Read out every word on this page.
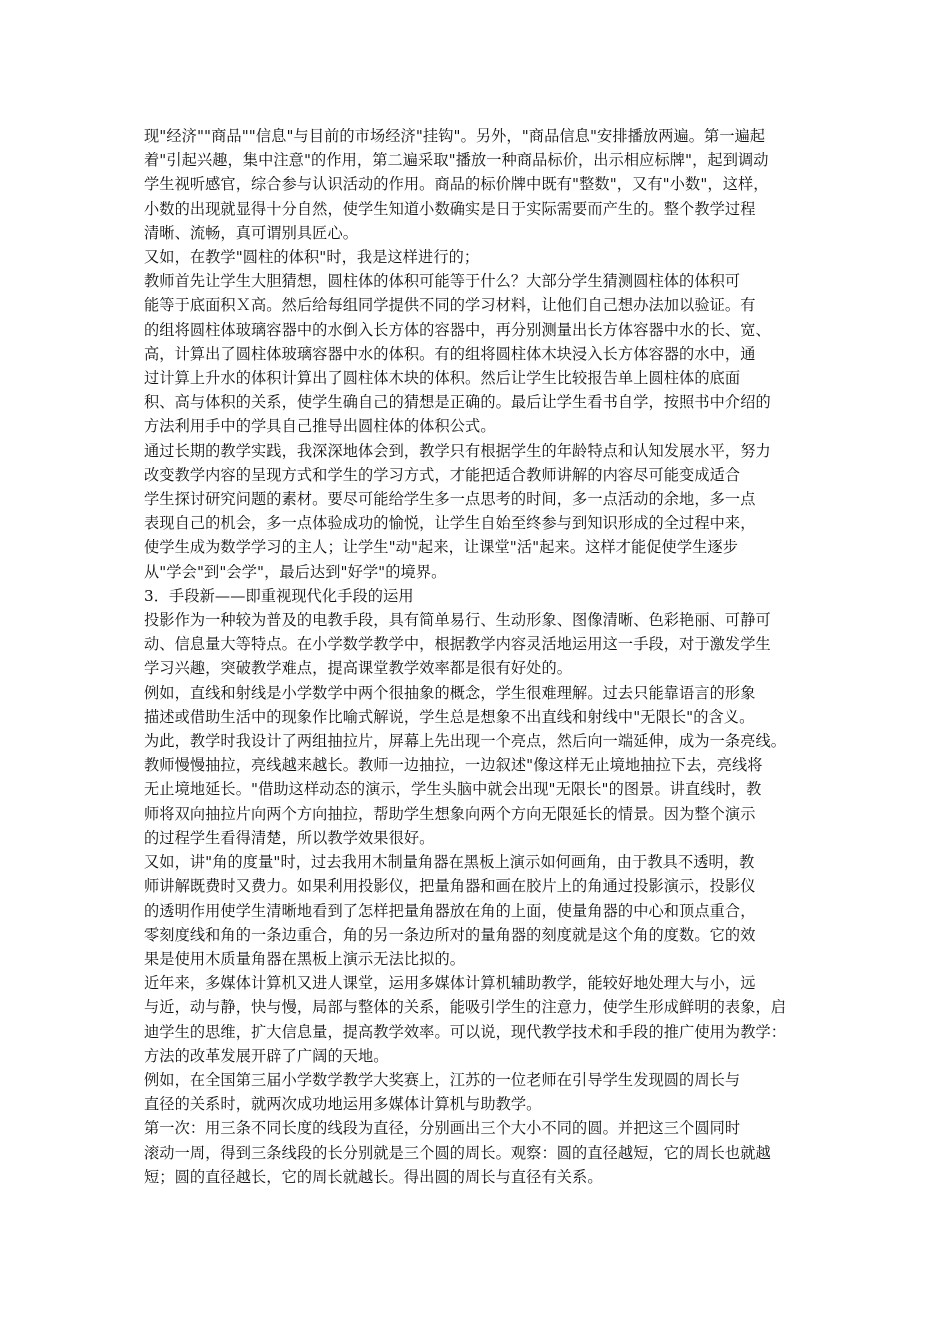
现"经济""商品""信息"与目前的市场经济"挂钩"。另外，"商品信息"安排播放两遍。第一遍起
着"引起兴趣，集中注意"的作用，第二遍采取"播放一种商品标价，出示相应标牌"，起到调动
学生视听感官，综合参与认识活动的作用。商品的标价牌中既有"整数"，又有"小数"，这样，
小数的出现就显得十分自然，使学生知道小数确实是日于实际需要而产生的。整个教学过程
清晰、流畅，真可谓别具匠心。
又如，在教学"圆柱的体积"时，我是这样进行的；
教师首先让学生大胆猜想，圆柱体的体积可能等于什么？大部分学生猜测圆柱体的体积可
能等于底面积Ｘ高。然后给每组同学提供不同的学习材料，让他们自己想办法加以验证。有
的组将圆柱体玻璃容器中的水倒入长方体的容器中，再分别测量出长方体容器中水的长、宽、
高，计算出了圆柱体玻璃容器中水的体积。有的组将圆柱体木块浸入长方体容器的水中，通
过计算上升水的体积计算出了圆柱体木块的体积。然后让学生比较报告单上圆柱体的底面
积、高与体积的关系，使学生确自己的猜想是正确的。最后让学生看书自学，按照书中介绍的
方法利用手中的学具自己推导出圆柱体的体积公式。
通过长期的教学实践，我深深地体会到，教学只有根据学生的年龄特点和认知发展水平，努力
改变教学内容的呈现方式和学生的学习方式，才能把适合教师讲解的内容尽可能变成适合
学生探讨研究问题的素材。要尽可能给学生多一点思考的时间，多一点活动的余地，多一点
表现自己的机会，多一点体验成功的愉悦，让学生自始至终参与到知识形成的全过程中来，
使学生成为数学学习的主人；让学生"动"起来，让课堂"活"起来。这样才能促使学生逐步
从"学会"到"会学"，最后达到"好学"的境界。
3．手段新——即重视现代化手段的运用
投影作为一种较为普及的电教手段，具有简单易行、生动形象、图像清晰、色彩艳丽、可静可
动、信息量大等特点。在小学数学教学中，根据教学内容灵活地运用这一手段，对于激发学生
学习兴趣，突破教学难点，提高课堂教学效率都是很有好处的。
例如，直线和射线是小学数学中两个很抽象的概念，学生很难理解。过去只能靠语言的形象
描述或借助生活中的现象作比喻式解说，学生总是想象不出直线和射线中"无限长"的含义。
为此，教学时我设计了两组抽拉片，屏幕上先出现一个亮点，然后向一端延伸，成为一条亮线。
教师慢慢抽拉，亮线越来越长。教师一边抽拉，一边叙述"像这样无止境地抽拉下去，亮线将
无止境地延长。"借助这样动态的演示，学生头脑中就会出现"无限长"的图景。讲直线时，教
师将双向抽拉片向两个方向抽拉，帮助学生想象向两个方向无限延长的情景。因为整个演示
的过程学生看得清楚，所以教学效果很好。
又如，讲"角的度量"时，过去我用木制量角器在黑板上演示如何画角，由于教具不透明，教
师讲解既费时又费力。如果利用投影仪，把量角器和画在胶片上的角通过投影演示，投影仪
的透明作用使学生清晰地看到了怎样把量角器放在角的上面，使量角器的中心和顶点重合，
零刻度线和角的一条边重合，角的另一条边所对的量角器的刻度就是这个角的度数。它的效
果是使用木质量角器在黑板上演示无法比拟的。
近年来，多媒体计算机又进人课堂，运用多媒体计算机辅助教学，能较好地处理大与小，远
与近，动与静，快与慢，局部与整体的关系，能吸引学生的注意力，使学生形成鲜明的表象，启
迪学生的思维，扩大信息量，提高教学效率。可以说，现代教学技术和手段的推广使用为教学：
方法的改革发展开辟了广阔的天地。
例如，在全国第三届小学数学教学大奖赛上，江苏的一位老师在引导学生发现圆的周长与
直径的关系时，就两次成功地运用多媒体计算机与助教学。
第一次：用三条不同长度的线段为直径，分别画出三个大小不同的圆。并把这三个圆同时
滚动一周，得到三条线段的长分别就是三个圆的周长。观察：圆的直径越短，它的周长也就越
短；圆的直径越长，它的周长就越长。得出圆的周长与直径有关系。
